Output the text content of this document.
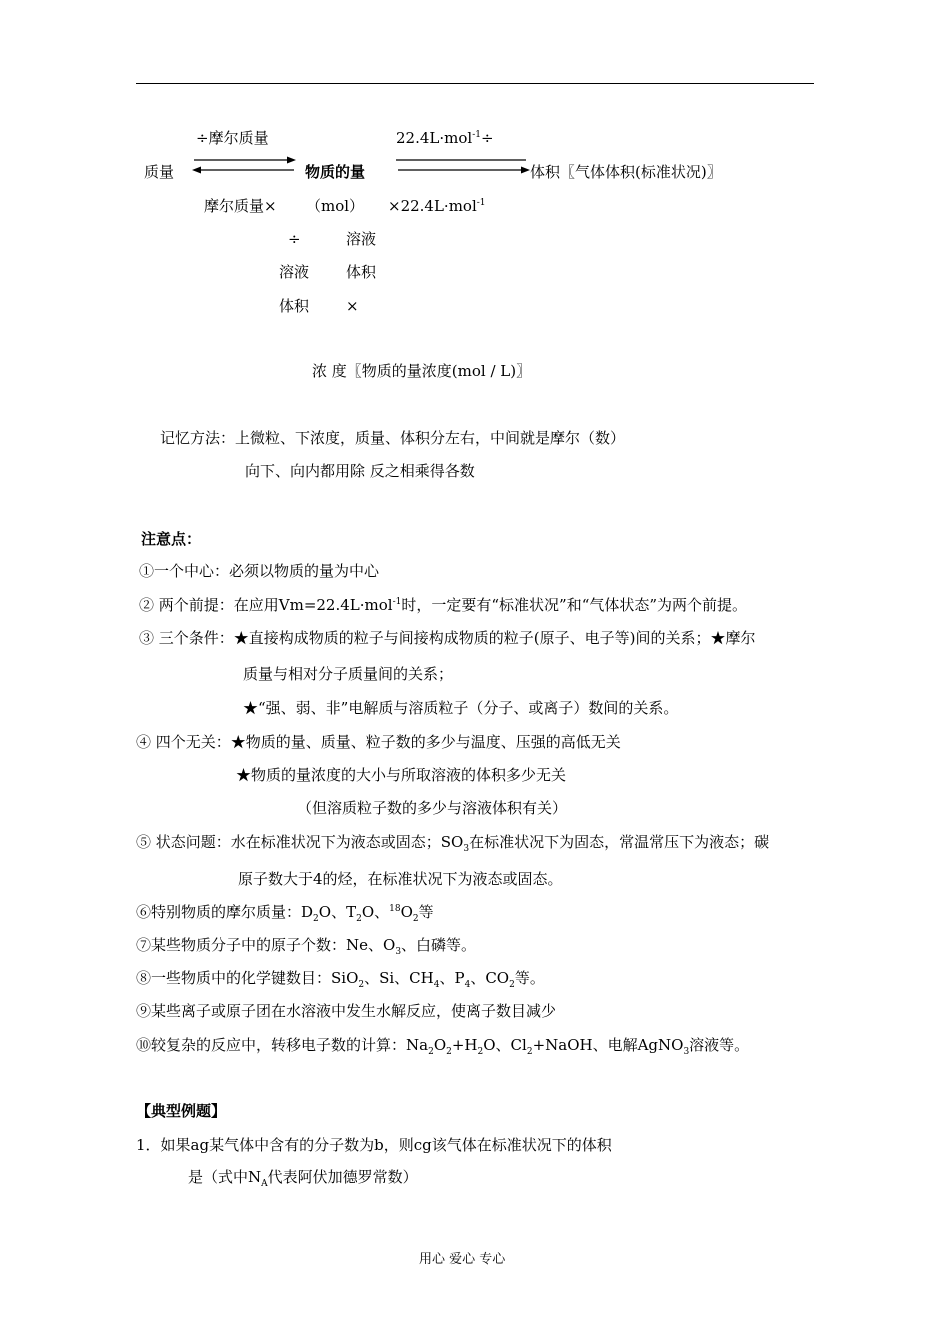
÷摩尔质量	22.4L·mol$^{-1}$÷
质量	物质的量	体积〖气体体积(标准状况)〗
摩尔质量× （mol） ×22.4L·mol$^{-1}$
÷	溶液
溶液 体积
体积 ×
浓 度〖物质的量浓度(mol / L)〗
记忆方法：上微粒、下浓度，质量、体积分左右，中间就是摩尔（数）
向下、向内都用除 反之相乘得各数
注意点：
①一个中心：必须以物质的量为中心
② 两个前提：在应用Vm=22.4L·mol$^{-1}$时，一定要有“标准状况”和“气体状态”为两个前提。
③ 三个条件：★直接构成物质的粒子与间接构成物质的粒子(原子、电子等)间的关系；★摩尔
质量与相对分子质量间的关系；
★“强、弱、非”电解质与溶质粒子（分子、或离子）数间的关系。
④ 四个无关：★物质的量、质量、粒子数的多少与温度、压强的高低无关
★物质的量浓度的大小与所取溶液的体积多少无关
（但溶质粒子数的多少与溶液体积有关）
⑤ 状态问题：水在标准状况下为液态或固态；$SO_3$在标准状况下为固态，常温常压下为液态；碳
原子数大于4的烃，在标准状况下为液态或固态。
⑥特别物质的摩尔质量：$D_2O$、$T_2O$、$^{18}O_2$等
⑦某些物质分子中的原子个数：Ne、$O_3$、白磷等。
⑧一些物质中的化学键数目：SiO$_2$、Si、$CH_4$、$P_4$、$CO_2$等。
⑨某些离子或原子团在水溶液中发生水解反应，使离子数目减少
⑩较复杂的反应中，转移电子数的计算：$Na_2O_2+H_2O$、$Cl_2+NaOH$、电解AgNO$_3$溶液等。
【典型例题】
1．如果ag某气体中含有的分子数为b，则cg该气体在标准状况下的体积
是（式中$N_A$代表阿伏加德罗常数）
用心 爱心 专心
